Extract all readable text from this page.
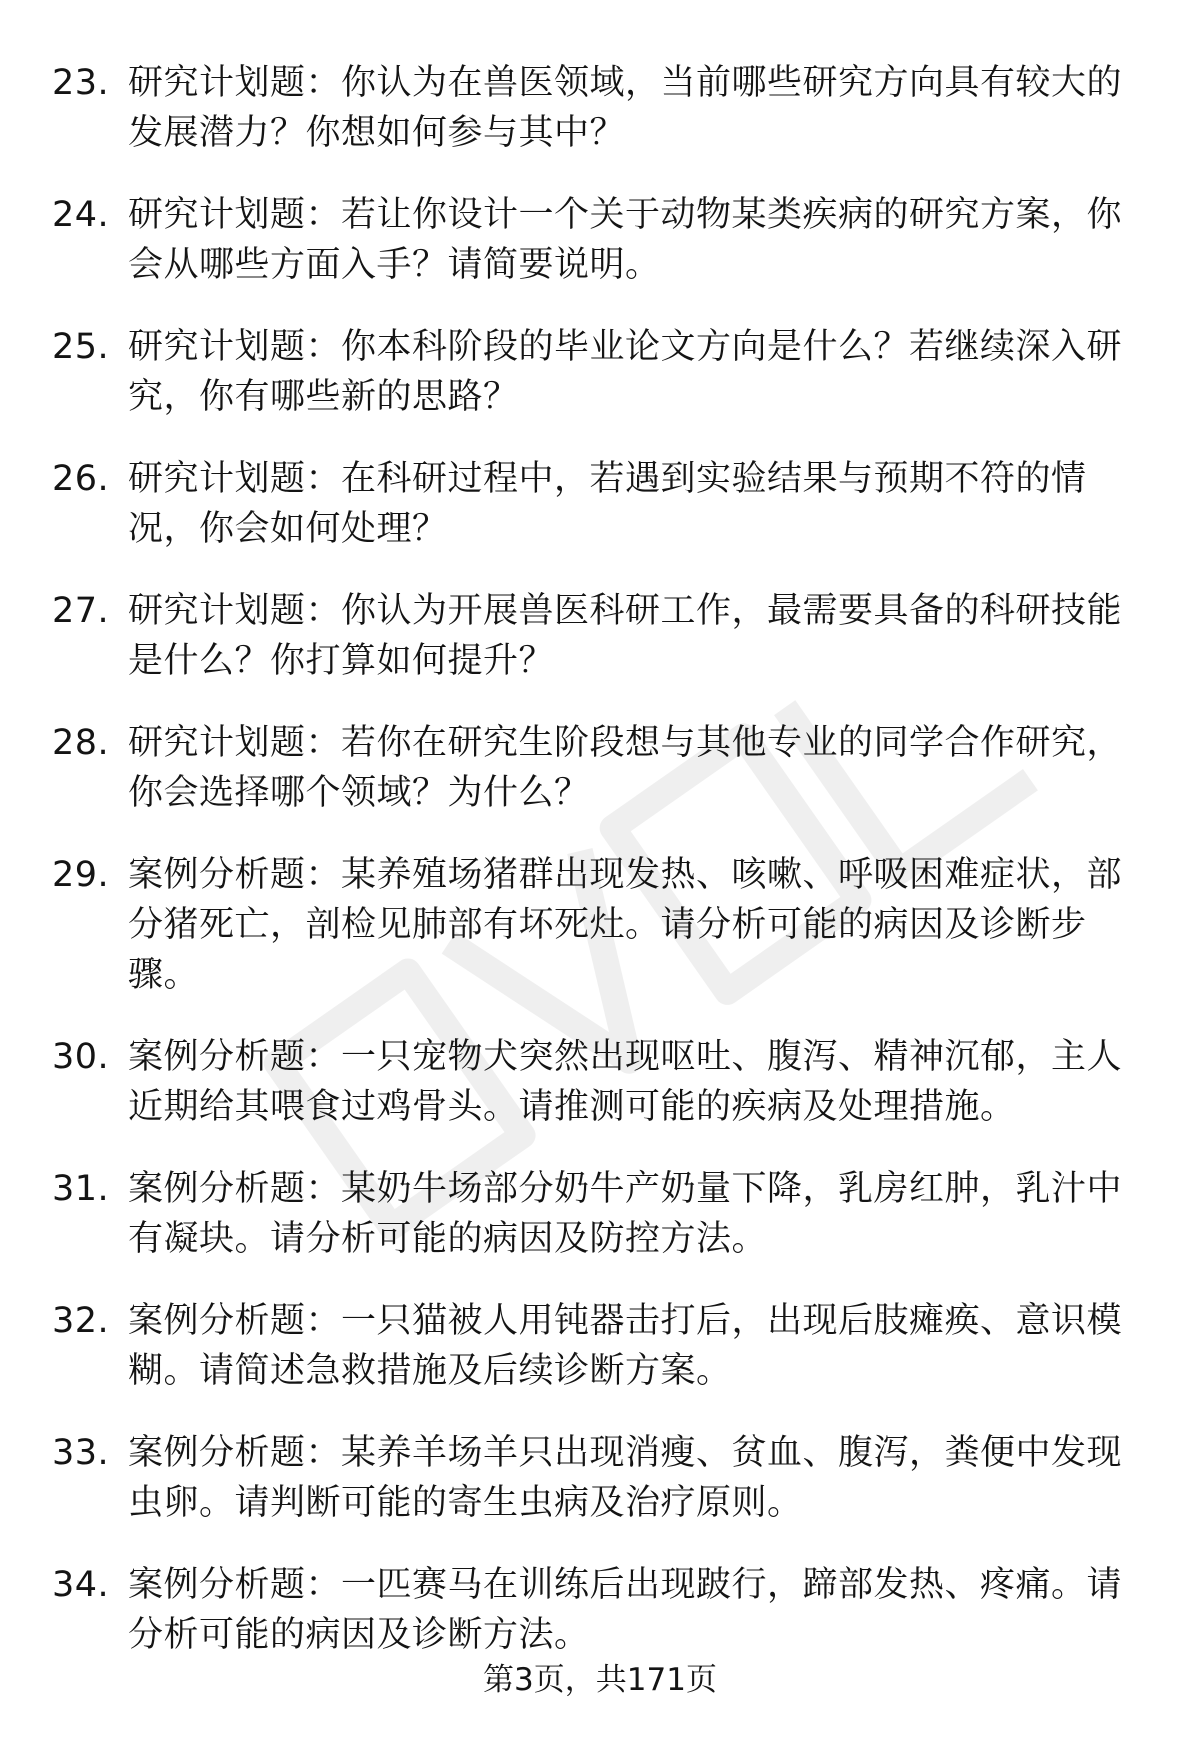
23. 研究计划题：你认为在兽医领域，当前哪些研究方向具有较大的发展潜力？你想如何参与其中？
24. 研究计划题：若让你设计一个关于动物某类疾病的研究方案，你会从哪些方面入手？请简要说明。
25. 研究计划题：你本科阶段的毕业论文方向是什么？若继续深入研究，你有哪些新的思路？
26. 研究计划题：在科研过程中，若遇到实验结果与预期不符的情况，你会如何处理？
27. 研究计划题：你认为开展兽医科研工作，最需要具备的科研技能是什么？你打算如何提升？
28. 研究计划题：若你在研究生阶段想与其他专业的同学合作研究，你会选择哪个领域？为什么？
29. 案例分析题：某养殖场猪群出现发热、咳嗽、呼吸困难症状，部分猪死亡，剖检见肺部有坏死灶。请分析可能的病因及诊断步骤。
30. 案例分析题：一只宠物犬突然出现呕吐、腹泻、精神沉郁，主人近期给其喂食过鸡骨头。请推测可能的疾病及处理措施。
31. 案例分析题：某奶牛场部分奶牛产奶量下降，乳房红肿，乳汁中有凝块。请分析可能的病因及防控方法。
32. 案例分析题：一只猫被人用钝器击打后，出现后肢瘫痪、意识模糊。请简述急救措施及后续诊断方案。
33. 案例分析题：某养羊场羊只出现消瘦、贫血、腹泻，粪便中发现虫卵。请判断可能的寄生虫病及治疗原则。
34. 案例分析题：一匹赛马在训练后出现跛行，蹄部发热、疼痛。请分析可能的病因及诊断方法。
第3页，共171页
